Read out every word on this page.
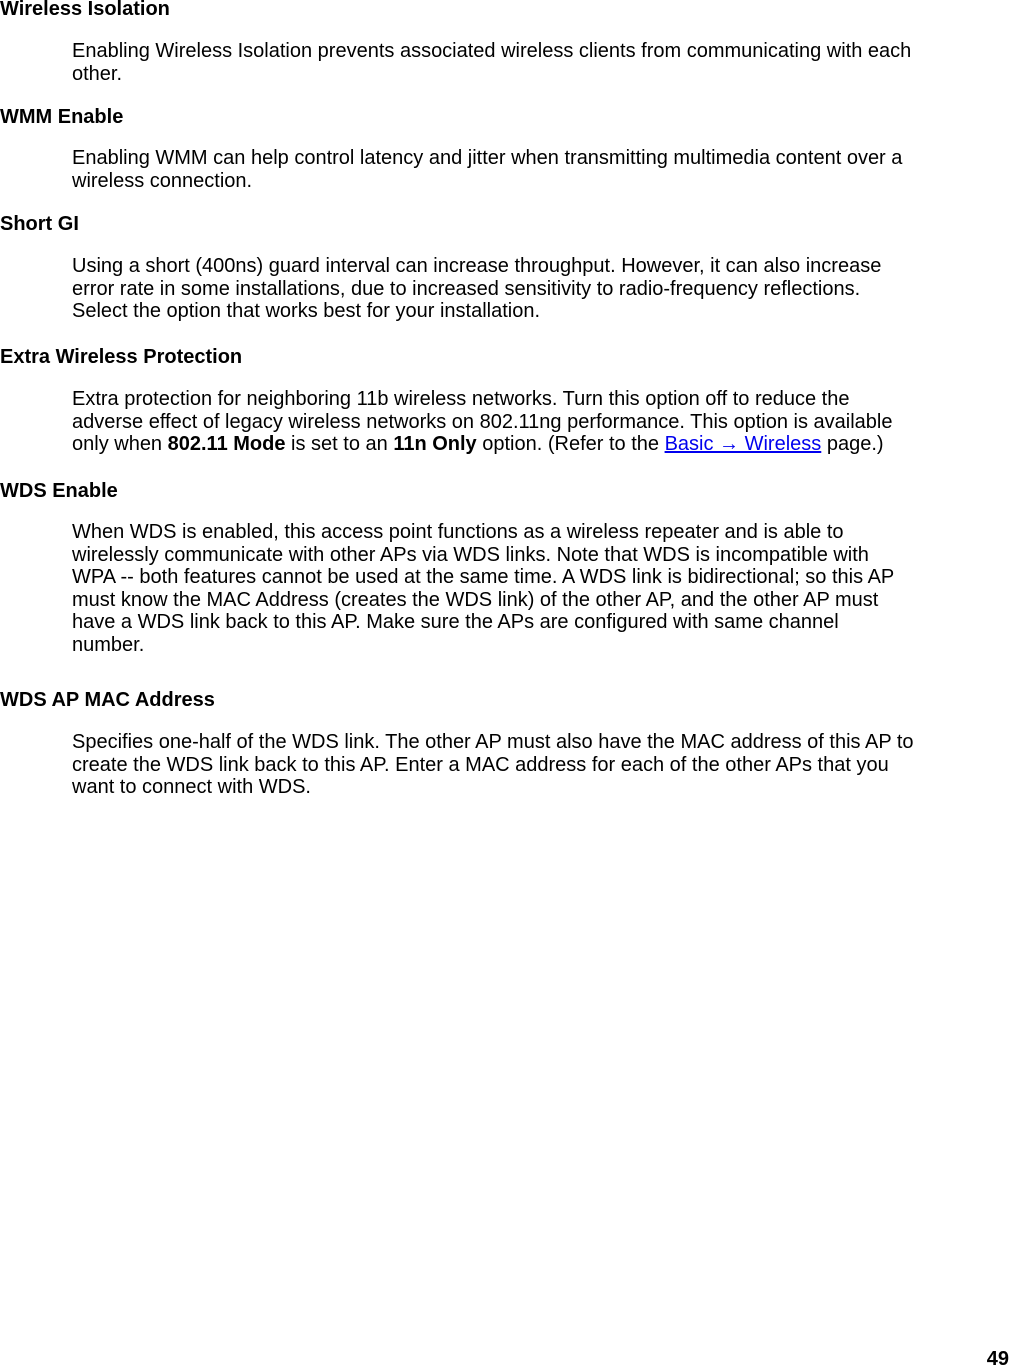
Wireless Isolation

Enabling Wireless Isolation prevents associated wireless clients from communicating with each
other.

WMM Enable

Enabling WMM can help control latency and jitter when transmitting multimedia content over a
wireless connection.

Short GI

Using a short (400ns) guard interval can increase throughput. However, it can also increase
error rate in some installations, due to increased sensitivity to radio-frequency reflections.
Select the option that works best for your installation.

Extra Wireless Protection

Extra protection for neighboring 11b wireless networks. Turn this option off to reduce the
adverse effect of legacy wireless networks on 802.11ng performance. This option is available
only when 802.11 Mode is set to an 11n Only option. (Refer to the Basic → Wireless page.)

WDS Enable

When WDS is enabled, this access point functions as a wireless repeater and is able to
wirelessly communicate with other APs via WDS links. Note that WDS is incompatible with
WPA -- both features cannot be used at the same time. A WDS link is bidirectional; so this AP
must know the MAC Address (creates the WDS link) of the other AP, and the other AP must
have a WDS link back to this AP. Make sure the APs are configured with same channel
number.

WDS AP MAC Address

Specifies one-half of the WDS link. The other AP must also have the MAC address of this AP to
create the WDS link back to this AP. Enter a MAC address for each of the other APs that you
want to connect with WDS.
49
